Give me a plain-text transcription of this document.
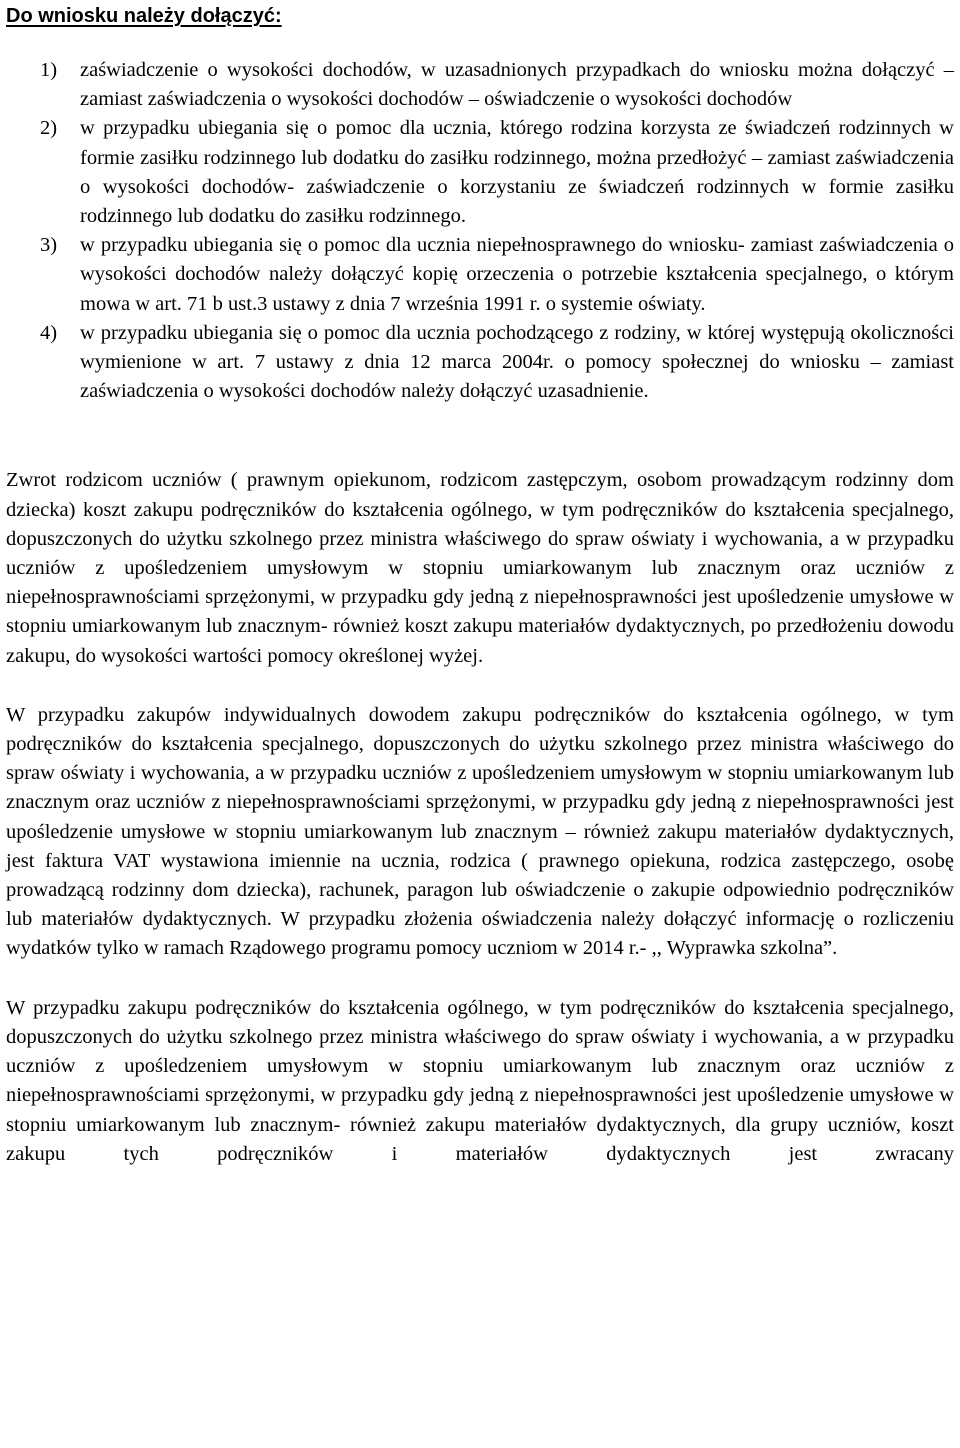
Do wniosku należy dołączyć:
1)	zaświadczenie o wysokości dochodów, w uzasadnionych przypadkach do wniosku można dołączyć – zamiast zaświadczenia o wysokości dochodów – oświadczenie o wysokości dochodów
2)	w przypadku ubiegania się o pomoc dla ucznia, którego rodzina korzysta ze świadczeń rodzinnych w formie zasiłku rodzinnego lub dodatku do zasiłku rodzinnego, można przedłożyć – zamiast zaświadczenia o wysokości dochodów- zaświadczenie o korzystaniu ze świadczeń rodzinnych w formie zasiłku rodzinnego lub dodatku do zasiłku rodzinnego.
3)	w przypadku ubiegania się o pomoc dla ucznia niepełnosprawnego do wniosku- zamiast zaświadczenia o wysokości dochodów należy dołączyć kopię orzeczenia o potrzebie kształcenia specjalnego, o którym mowa w art. 71 b ust.3 ustawy z dnia 7 września 1991 r. o systemie oświaty.
4)	w przypadku ubiegania się o pomoc dla ucznia pochodzącego z rodziny, w której występują okoliczności wymienione w art. 7 ustawy z dnia 12 marca 2004r. o pomocy społecznej do wniosku – zamiast zaświadczenia o wysokości dochodów należy dołączyć uzasadnienie.

Zwrot rodzicom uczniów ( prawnym opiekunom, rodzicom zastępczym, osobom prowadzącym rodzinny dom dziecka) koszt zakupu podręczników do kształcenia ogólnego, w tym podręczników do kształcenia specjalnego, dopuszczonych do użytku szkolnego przez ministra właściwego do spraw oświaty i wychowania, a w przypadku uczniów z upośledzeniem umysłowym w stopniu umiarkowanym lub znacznym oraz uczniów z niepełnosprawnościami sprzężonymi, w przypadku gdy jedną z niepełnosprawności jest upośledzenie umysłowe w stopniu umiarkowanym lub znacznym- również koszt zakupu materiałów dydaktycznych, po przedłożeniu dowodu zakupu, do wysokości wartości pomocy określonej wyżej.

W przypadku zakupów indywidualnych dowodem zakupu podręczników do kształcenia ogólnego, w tym podręczników do kształcenia specjalnego, dopuszczonych do użytku szkolnego przez ministra właściwego do spraw oświaty i wychowania, a w przypadku uczniów z upośledzeniem umysłowym w stopniu umiarkowanym lub znacznym oraz uczniów z niepełnosprawnościami sprzężonymi, w przypadku gdy jedną z niepełnosprawności jest upośledzenie umysłowe w stopniu umiarkowanym lub znacznym – również zakupu materiałów dydaktycznych, jest faktura VAT wystawiona imiennie na ucznia, rodzica ( prawnego opiekuna, rodzica zastępczego, osobę prowadzącą rodzinny dom dziecka), rachunek, paragon lub oświadczenie o zakupie odpowiednio podręczników lub materiałów dydaktycznych. W przypadku złożenia oświadczenia należy dołączyć informację o rozliczeniu wydatków tylko w ramach Rządowego programu pomocy uczniom w 2014 r.- ,, Wyprawka szkolna”.

W przypadku zakupu podręczników do kształcenia ogólnego, w tym podręczników do kształcenia specjalnego, dopuszczonych do użytku szkolnego przez ministra właściwego do spraw oświaty i wychowania, a w przypadku uczniów z upośledzeniem umysłowym w stopniu umiarkowanym lub znacznym oraz uczniów z niepełnosprawnościami sprzężonymi, w przypadku gdy jedną z niepełnosprawności jest upośledzenie umysłowe w stopniu umiarkowanym lub znacznym- również zakupu materiałów dydaktycznych, dla grupy uczniów, koszt zakupu tych podręczników i materiałów dydaktycznych jest zwracany
